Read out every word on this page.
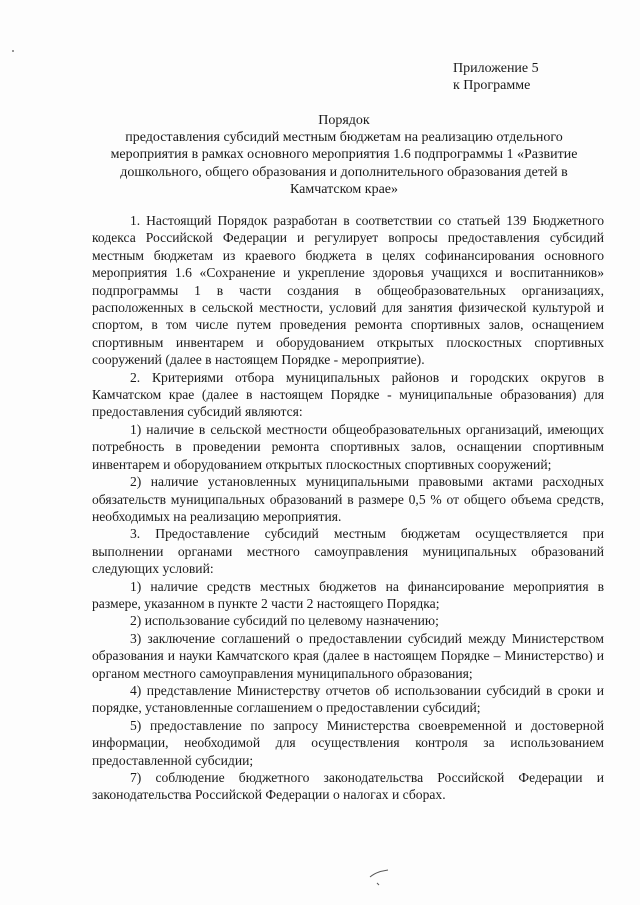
Приложение 5
к Программе
Порядок
предоставления субсидий местным бюджетам на реализацию отдельного мероприятия в рамках основного мероприятия 1.6 подпрограммы 1 «Развитие дошкольного, общего образования и дополнительного образования детей в Камчатском крае»

1. Настоящий Порядок разработан в соответствии со статьей 139 Бюджетного кодекса Российской Федерации и регулирует вопросы предоставления субсидий местным бюджетам из краевого бюджета в целях софинансирования основного мероприятия 1.6 «Сохранение и укрепление здоровья учащихся и воспитанников» подпрограммы 1 в части создания в общеобразовательных организациях, расположенных в сельской местности, условий для занятия физической культурой и спортом, в том числе путем проведения ремонта спортивных залов, оснащением спортивным инвентарем и оборудованием открытых плоскостных спортивных сооружений (далее в настоящем Порядке - мероприятие).

2. Критериями отбора муниципальных районов и городских округов в Камчатском крае (далее в настоящем Порядке - муниципальные образования) для предоставления субсидий являются:

1) наличие в сельской местности общеобразовательных организаций, имеющих потребность в проведении ремонта спортивных залов, оснащении спортивным инвентарем и оборудованием открытых плоскостных спортивных сооружений;

2) наличие установленных муниципальными правовыми актами расходных обязательств муниципальных образований в размере 0,5 % от общего объема средств, необходимых на реализацию мероприятия.

3. Предоставление субсидий местным бюджетам осуществляется при выполнении органами местного самоуправления муниципальных образований следующих условий:

1) наличие средств местных бюджетов на финансирование мероприятия в размере, указанном в пункте 2 части 2 настоящего Порядка;

2) использование субсидий по целевому назначению;

3) заключение соглашений о предоставлении субсидий между Министерством образования и науки Камчатского края (далее в настоящем Порядке – Министерство) и органом местного самоуправления муниципального образования;

4) представление Министерству отчетов об использовании субсидий в сроки и порядке, установленные соглашением о предоставлении субсидий;

5) предоставление по запросу Министерства своевременной и достоверной информации, необходимой для осуществления контроля за использованием предоставленной субсидии;

7) соблюдение бюджетного законодательства Российской Федерации и законодательства Российской Федерации о налогах и сборах.
